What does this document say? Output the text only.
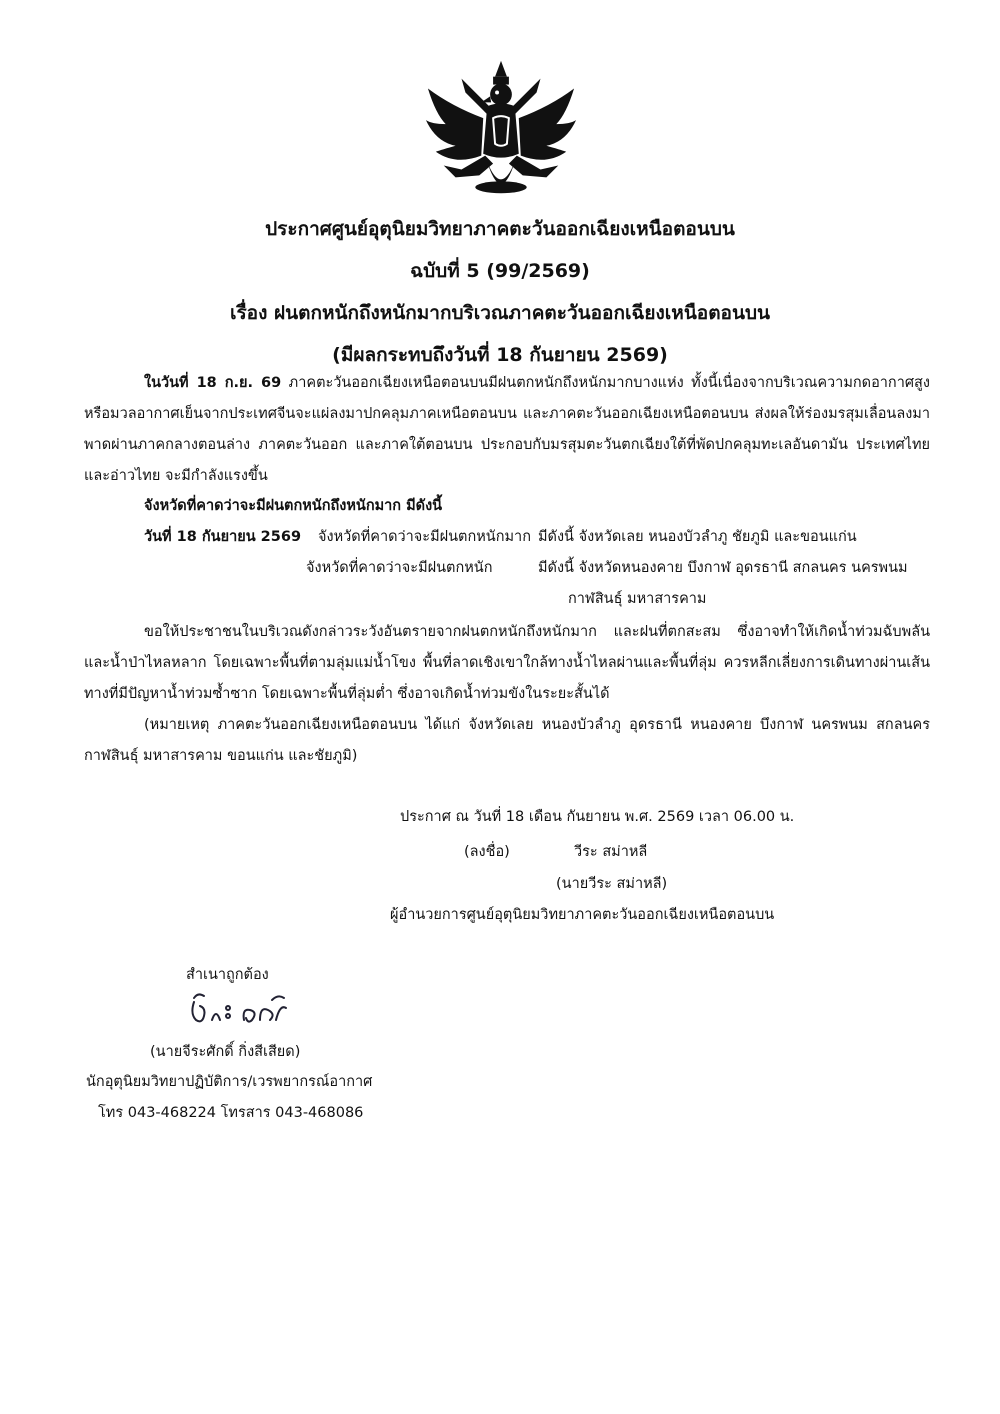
ประกาศศูนย์อุตุนิยมวิทยาภาคตะวันออกเฉียงเหนือตอนบน
ฉบับที่ 5 (99/2569)
เรื่อง ฝนตกหนักถึงหนักมากบริเวณภาคตะวันออกเฉียงเหนือตอนบน
(มีผลกระทบถึงวันที่ 18 กันยายน 2569)
ในวันที่ 18 ก.ย. 69 ภาคตะวันออกเฉียงเหนือตอนบนมีฝนตกหนักถึงหนักมากบางแห่ง ทั้งนี้เนื่องจากบริเวณความกดอากาศสูงหรือมวลอากาศเย็นจากประเทศจีนจะแผ่ลงมาปกคลุมภาคเหนือตอนบน และภาคตะวันออกเฉียงเหนือตอนบน ส่งผลให้ร่องมรสุมเลื่อนลงมาพาดผ่านภาคกลางตอนล่าง ภาคตะวันออก และภาคใต้ตอนบน ประกอบกับมรสุมตะวันตกเฉียงใต้ที่พัดปกคลุมทะเลอันดามัน ประเทศไทย และอ่าวไทย จะมีกำลังแรงขึ้น
จังหวัดที่คาดว่าจะมีฝนตกหนักถึงหนักมาก มีดังนี้
วันที่ 18 กันยายน 2569 จังหวัดที่คาดว่าจะมีฝนตกหนักมาก มีดังนี้ จังหวัดเลย หนองบัวลำภู ชัยภูมิ และขอนแก่น
จังหวัดที่คาดว่าจะมีฝนตกหนัก	มีดังนี้ จังหวัดหนองคาย บึงกาฬ อุดรธานี สกลนคร นครพนม
กาฬสินธุ์ มหาสารคาม
ขอให้ประชาชนในบริเวณดังกล่าวระวังอันตรายจากฝนตกหนักถึงหนักมาก และฝนที่ตกสะสม ซึ่งอาจทำให้เกิดน้ำท่วมฉับพลันและน้ำป่าไหลหลาก โดยเฉพาะพื้นที่ตามลุ่มแม่น้ำโขง พื้นที่ลาดเชิงเขาใกล้ทางน้ำไหลผ่านและพื้นที่ลุ่ม ควรหลีกเลี่ยงการเดินทางผ่านเส้นทางที่มีปัญหาน้ำท่วมซ้ำซาก โดยเฉพาะพื้นที่ลุ่มต่ำ ซึ่งอาจเกิดน้ำท่วมขังในระยะสั้นได้
(หมายเหตุ ภาคตะวันออกเฉียงเหนือตอนบน ได้แก่ จังหวัดเลย หนองบัวลำภู อุดรธานี หนองคาย บึงกาฬ นครพนม สกลนคร กาฬสินธุ์ มหาสารคาม ขอนแก่น และชัยภูมิ)
ประกาศ ณ วันที่ 18 เดือน กันยายน พ.ศ. 2569 เวลา 06.00 น.
(ลงชื่อ)	วีระ สม่าหลี
(นายวีระ สม่าหลี)
ผู้อำนวยการศูนย์อุตุนิยมวิทยาภาคตะวันออกเฉียงเหนือตอนบน
สำเนาถูกต้อง
(นายจีระศักดิ์ กิ่งสีเสียด)
นักอุตุนิยมวิทยาปฏิบัติการ/เวรพยากรณ์อากาศ
โทร 043-468224 โทรสาร 043-468086
